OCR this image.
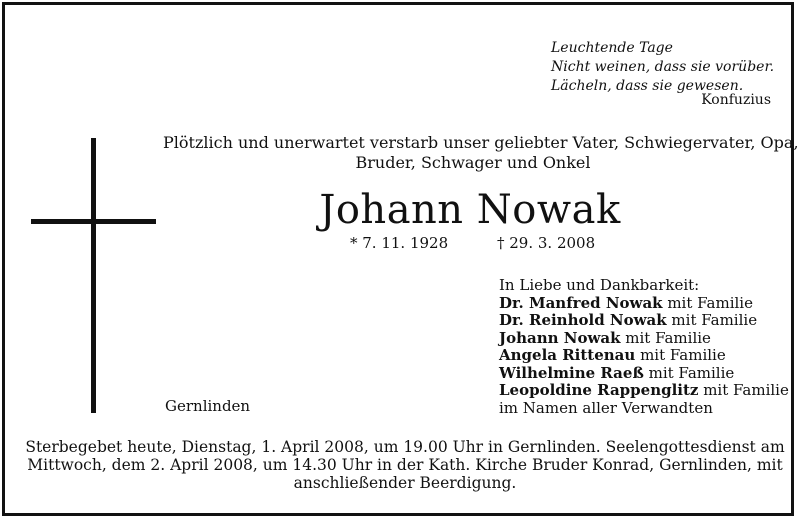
Leuchtende Tage
Nicht weinen, dass sie vorüber.
Lächeln, dass sie gewesen.
Konfuzius
Plötzlich und unerwartet verstarb unser geliebter Vater, Schwiegervater, Opa,
Bruder, Schwager und Onkel
Johann Nowak
* 7. 11. 1928	† 29. 3. 2008
In Liebe und Dankbarkeit:
Dr. Manfred Nowak mit Familie
Dr. Reinhold Nowak mit Familie
Johann Nowak mit Familie
Angela Rittenau mit Familie
Wilhelmine Raeß mit Familie
Leopoldine Rappenglitz mit Familie
im Namen aller Verwandten
Gernlinden
Sterbegebet heute, Dienstag, 1. April 2008, um 19.00 Uhr in Gernlinden. Seelengottesdienst am
Mittwoch, dem 2. April 2008, um 14.30 Uhr in der Kath. Kirche Bruder Konrad, Gernlinden, mit
anschließender Beerdigung.
